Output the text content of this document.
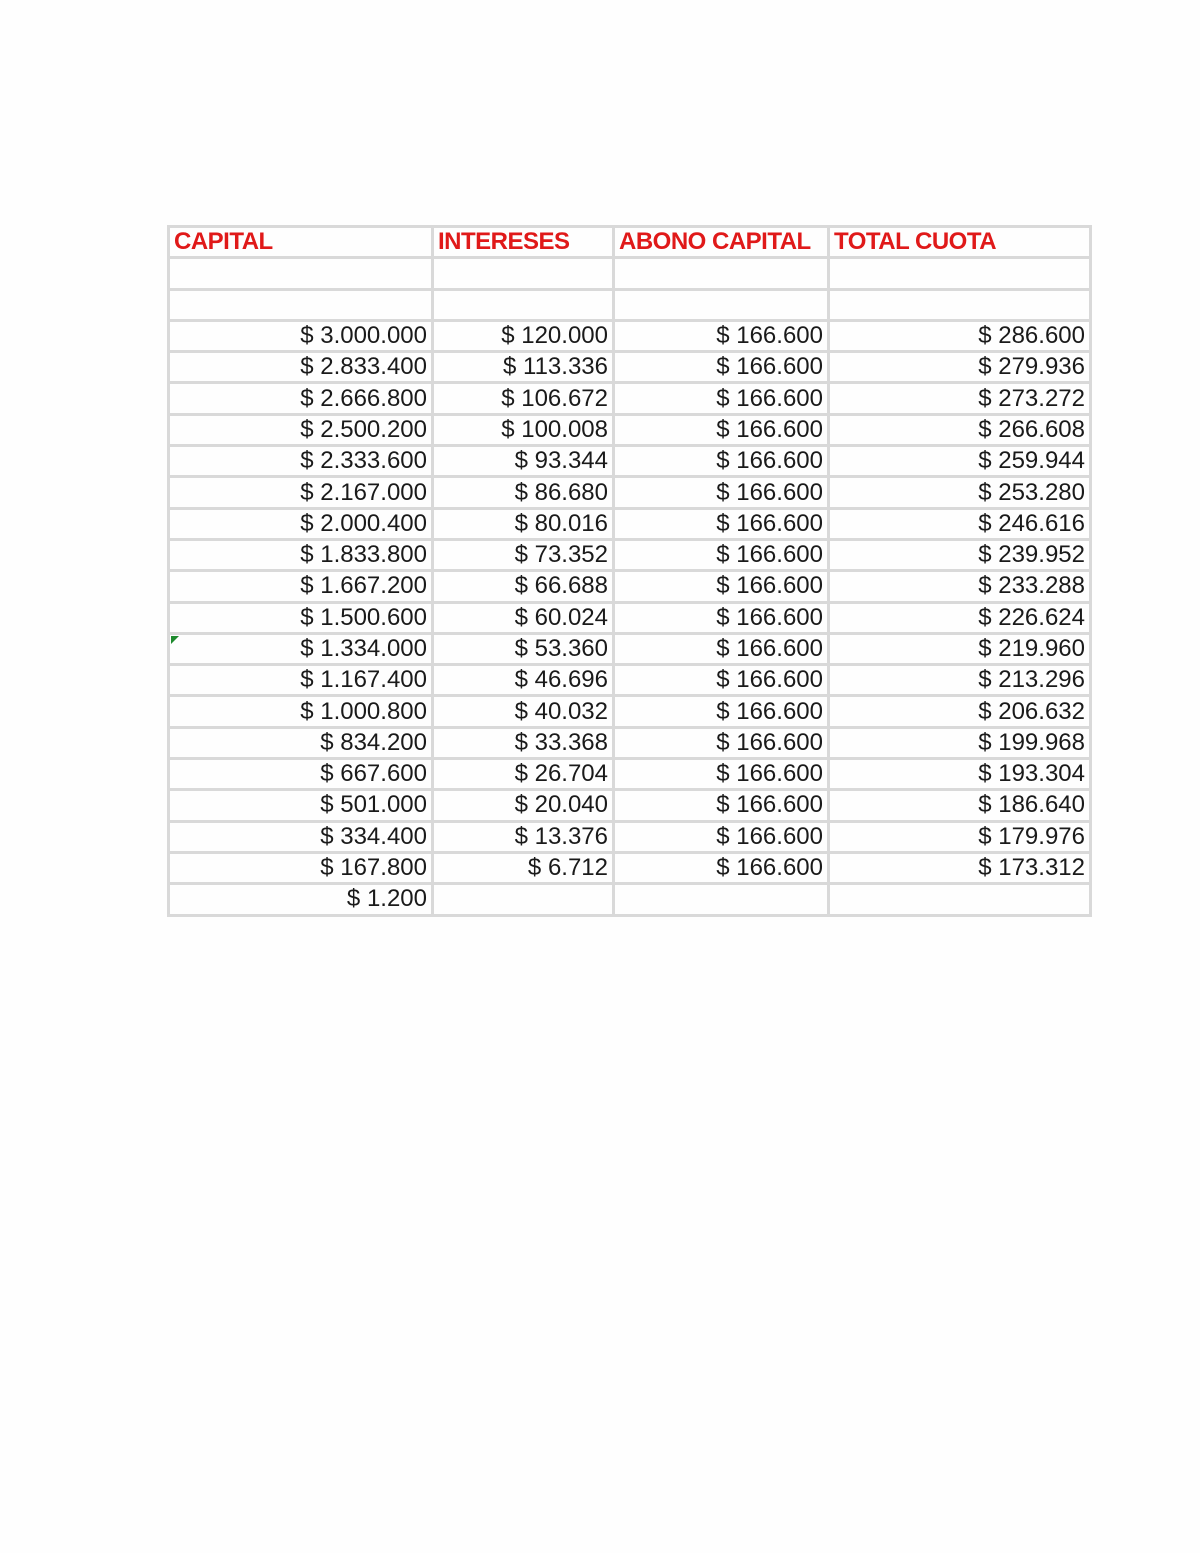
CAPITAL	INTERESES	ABONO CAPITAL	TOTAL CUOTA

$ 3.000.000	$ 120.000	$ 166.600	$ 286.600
$ 2.833.400	$ 113.336	$ 166.600	$ 279.936
$ 2.666.800	$ 106.672	$ 166.600	$ 273.272
$ 2.500.200	$ 100.008	$ 166.600	$ 266.608
$ 2.333.600	$ 93.344	$ 166.600	$ 259.944
$ 2.167.000	$ 86.680	$ 166.600	$ 253.280
$ 2.000.400	$ 80.016	$ 166.600	$ 246.616
$ 1.833.800	$ 73.352	$ 166.600	$ 239.952
$ 1.667.200	$ 66.688	$ 166.600	$ 233.288
$ 1.500.600	$ 60.024	$ 166.600	$ 226.624

$ 1.334.000	$ 53.360	$ 166.600	$ 219.960
$ 1.167.400	$ 46.696	$ 166.600	$ 213.296
$ 1.000.800	$ 40.032	$ 166.600	$ 206.632
$ 834.200	$ 33.368	$ 166.600	$ 199.968
$ 667.600	$ 26.704	$ 166.600	$ 193.304
$ 501.000	$ 20.040	$ 166.600	$ 186.640
$ 334.400	$ 13.376	$ 166.600	$ 179.976
$ 167.800	$ 6.712	$ 166.600	$ 173.312
$ 1.200			
